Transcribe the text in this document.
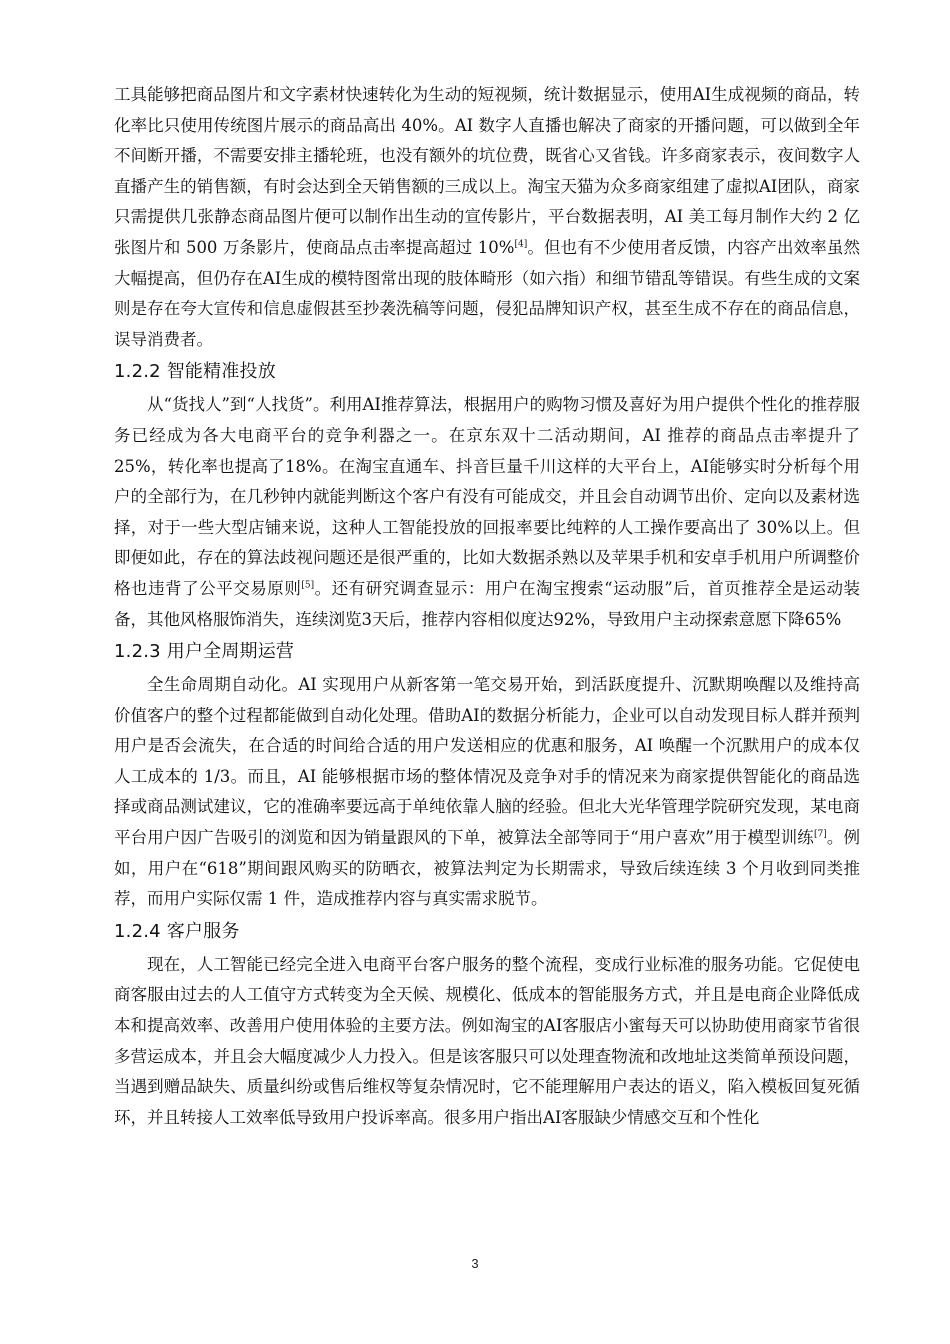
工具能够把商品图片和文字素材快速转化为生动的短视频，统计数据显示，使用AI生成视频的商品，转化率比只使用传统图片展示的商品高出 40%。AI 数字人直播也解决了商家的开播问题，可以做到全年不间断开播，不需要安排主播轮班，也没有额外的坑位费，既省心又省钱。许多商家表示，夜间数字人直播产生的销售额，有时会达到全天销售额的三成以上。淘宝天猫为众多商家组建了虚拟AI团队，商家只需提供几张静态商品图片便可以制作出生动的宣传影片，平台数据表明，AI 美工每月制作大约 2 亿张图片和 500 万条影片，使商品点击率提高超过 10%[4]。但也有不少使用者反馈，内容产出效率虽然大幅提高，但仍存在AI生成的模特图常出现的肢体畸形（如六指）和细节错乱等错误。有些生成的文案则是存在夸大宣传和信息虚假甚至抄袭洗稿等问题，侵犯品牌知识产权，甚至生成不存在的商品信息，误导消费者。

1.2.2 智能精准投放

从“货找人”到“人找货”。利用AI推荐算法，根据用户的购物习惯及喜好为用户提供个性化的推荐服务已经成为各大电商平台的竞争利器之一。在京东双十二活动期间，AI 推荐的商品点击率提升了25%，转化率也提高了18%。在淘宝直通车、抖音巨量千川这样的大平台上，AI能够实时分析每个用户的全部行为，在几秒钟内就能判断这个客户有没有可能成交，并且会自动调节出价、定向以及素材选择，对于一些大型店铺来说，这种人工智能投放的回报率要比纯粹的人工操作要高出了 30%以上。但即便如此，存在的算法歧视问题还是很严重的，比如大数据杀熟以及苹果手机和安卓手机用户所调整价格也违背了公平交易原则[5]。还有研究调查显示：用户在淘宝搜索“运动服”后，首页推荐全是运动装备，其他风格服饰消失，连续浏览3天后，推荐内容相似度达92%，导致用户主动探索意愿下降65%

1.2.3 用户全周期运营

全生命周期自动化。AI 实现用户从新客第一笔交易开始，到活跃度提升、沉默期唤醒以及维持高价值客户的整个过程都能做到自动化处理。借助AI的数据分析能力，企业可以自动发现目标人群并预判用户是否会流失，在合适的时间给合适的用户发送相应的优惠和服务，AI 唤醒一个沉默用户的成本仅人工成本的 1/3。而且，AI 能够根据市场的整体情况及竞争对手的情况来为商家提供智能化的商品选择或商品测试建议，它的准确率要远高于单纯依靠人脑的经验。但北大光华管理学院研究发现，某电商平台用户因广告吸引的浏览和因为销量跟风的下单，被算法全部等同于“用户喜欢”用于模型训练[7]。例如，用户在“618”期间跟风购买的防晒衣，被算法判定为长期需求，导致后续连续 3 个月收到同类推荐，而用户实际仅需 1 件，造成推荐内容与真实需求脱节。

1.2.4 客户服务

现在，人工智能已经完全进入电商平台客户服务的整个流程，变成行业标准的服务功能。它促使电商客服由过去的人工值守方式转变为全天候、规模化、低成本的智能服务方式，并且是电商企业降低成本和提高效率、改善用户使用体验的主要方法。例如淘宝的AI客服店小蜜每天可以协助使用商家节省很多营运成本，并且会大幅度减少人力投入。但是该客服只可以处理查物流和改地址这类简单预设问题，当遇到赠品缺失、质量纠纷或售后维权等复杂情况时，它不能理解用户表达的语义，陷入模板回复死循环，并且转接人工效率低导致用户投诉率高。很多用户指出AI客服缺少情感交互和个性化

3
